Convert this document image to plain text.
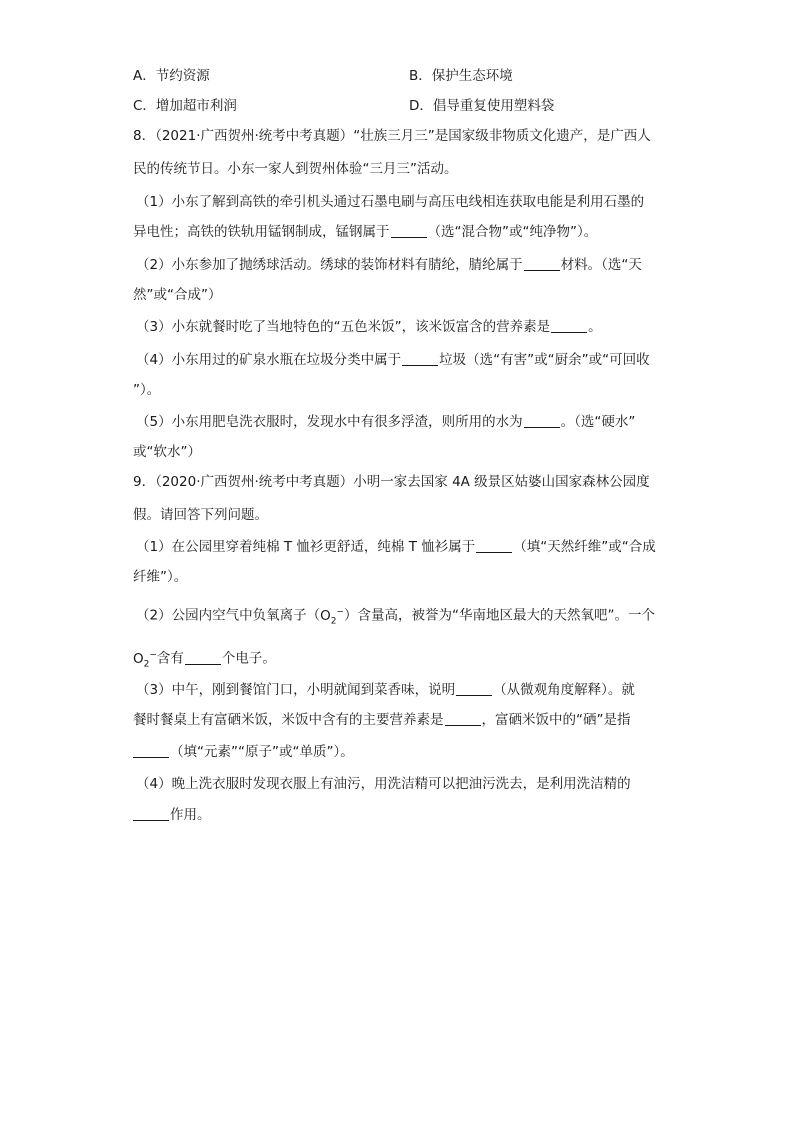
A．节约资源	B．保护生态环境
C．增加超市利润	D．倡导重复使用塑料袋
8．（2021·广西贺州·统考中考真题）“壮族三月三”是国家级非物质文化遗产，是广西人
民的传统节日。小东一家人到贺州体验“三月三”活动。
（1）小东了解到高铁的牵引机头通过石墨电刷与高压电线相连获取电能是利用石墨的
异电性；高铁的铁轨用锰钢制成，锰钢属于	（选“混合物”或“纯净物”）。
（2）小东参加了抛绣球活动。绣球的装饰材料有腈纶，腈纶属于	材料。（选“天
然”或“合成”）
（3）小东就餐时吃了当地特色的“五色米饭”，该米饭富含的营养素是	。
（4）小东用过的矿泉水瓶在垃圾分类中属于	垃圾（选“有害”或“厨余”或“可回收
”）。
（5）小东用肥皂洗衣服时，发现水中有很多浮渣，则所用的水为	。（选“硬水”
或“软水”）
9．（2020·广西贺州·统考中考真题）小明一家去国家 4A 级景区姑婆山国家森林公园度
假。请回答下列问题。
（1）在公园里穿着纯棉 T 恤衫更舒适，纯棉 T 恤衫属于	（填“天然纤维”或“合成
纤维”）。
（2）公园内空气中负氧离子$(O_2^-)$含量高，被誉为“华南地区最大的天然氧吧”。一个
$O_2^-$含有	个电子。
（3）中午，刚到餐馆门口，小明就闻到菜香味，说明	（从微观角度解释）。就
餐时餐桌上有富硒米饭，米饭中含有的主要营养素是	，富硒米饭中的“硒”是指
（填“元素”“原子”或“单质”）。
（4）晚上洗衣服时发现衣服上有油污，用洗洁精可以把油污洗去，是利用洗洁精的
作用。
